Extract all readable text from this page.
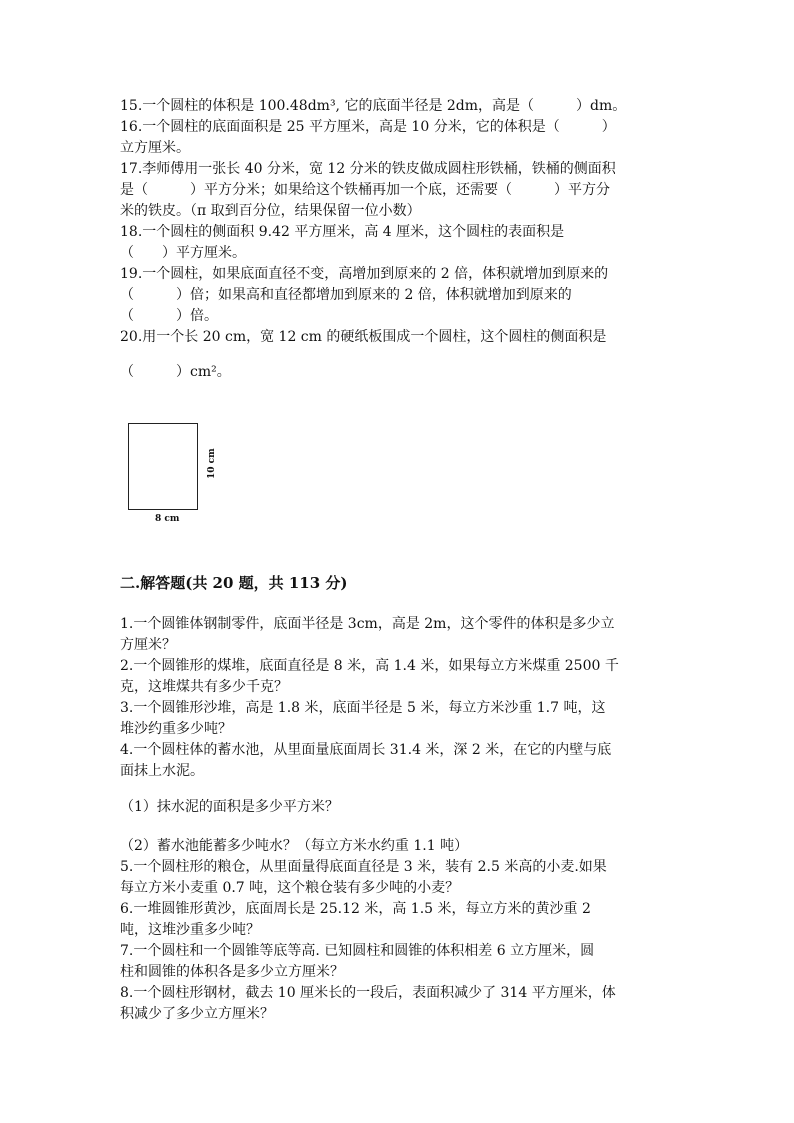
15.一个圆柱的体积是 100.48dm³, 它的底面半径是 2dm，高是（　　　）dm。
16.一个圆柱的底面面积是 25 平方厘米，高是 10 分米，它的体积是（　　　）
立方厘米。
17.李师傅用一张长 40 分米，宽 12 分米的铁皮做成圆柱形铁桶，铁桶的侧面积
是（　　　）平方分米；如果给这个铁桶再加一个底，还需要（　　　）平方分
米的铁皮。（π 取到百分位，结果保留一位小数）
18.一个圆柱的侧面积 9.42 平方厘米，高 4 厘米，这个圆柱的表面积是
（　　）平方厘米。
19.一个圆柱，如果底面直径不变，高增加到原来的 2 倍，体积就增加到原来的
（　　　）倍；如果高和直径都增加到原来的 2 倍，体积就增加到原来的
（　　　）倍。
20.用一个长 20 cm，宽 12 cm 的硬纸板围成一个圆柱，这个圆柱的侧面积是
（　　　）cm²。
10 cm
8 cm
二.解答题(共 20 题，共 113 分)
1.一个圆锥体钢制零件，底面半径是 3cm，高是 2m，这个零件的体积是多少立
方厘米？
2.一个圆锥形的煤堆，底面直径是 8 米，高 1.4 米，如果每立方米煤重 2500 千
克，这堆煤共有多少千克？
3.一个圆锥形沙堆，高是 1.8 米，底面半径是 5 米，每立方米沙重 1.7 吨，这
堆沙约重多少吨？
4.一个圆柱体的蓄水池，从里面量底面周长 31.4 米，深 2 米，在它的内壁与底
面抹上水泥。
（1）抹水泥的面积是多少平方米？
（2）蓄水池能蓄多少吨水？（每立方米水约重 1.1 吨）
5.一个圆柱形的粮仓，从里面量得底面直径是 3 米，装有 2.5 米高的小麦.如果
每立方米小麦重 0.7 吨，这个粮仓装有多少吨的小麦？
6.一堆圆锥形黄沙，底面周长是 25.12 米，高 1.5 米，每立方米的黄沙重 2
吨，这堆沙重多少吨？
7.一个圆柱和一个圆锥等底等高. 已知圆柱和圆锥的体积相差 6 立方厘米，圆
柱和圆锥的体积各是多少立方厘米？
8.一个圆柱形钢材，截去 10 厘米长的一段后，表面积减少了 314 平方厘米，体
积减少了多少立方厘米？
